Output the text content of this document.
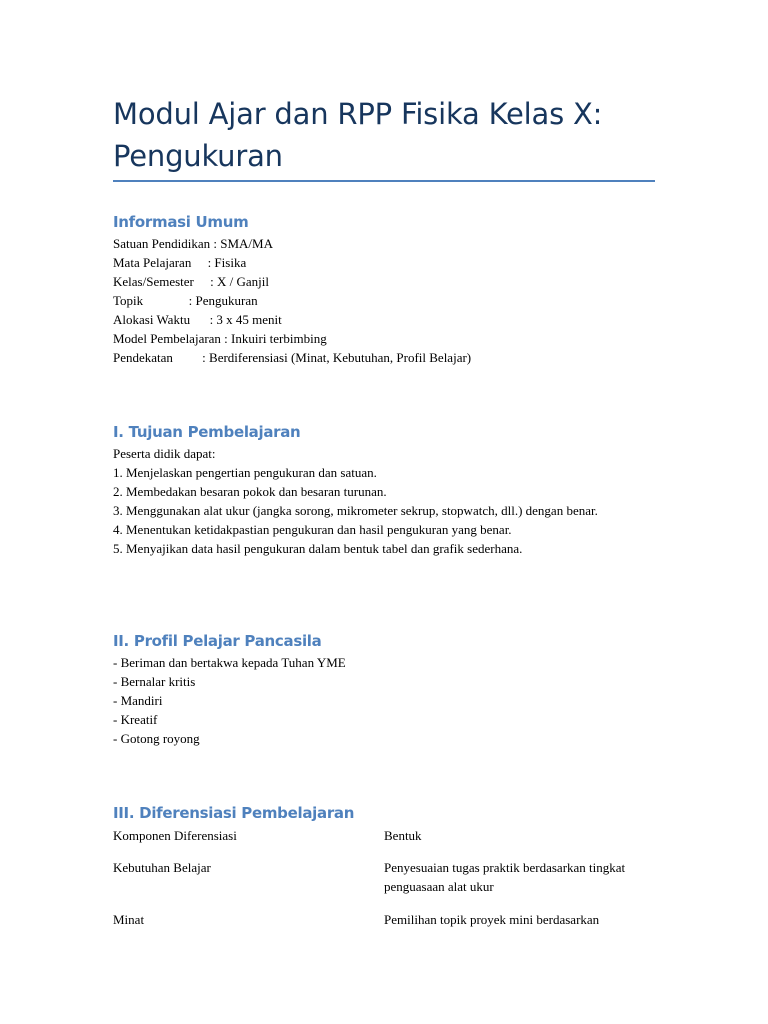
Modul Ajar dan RPP Fisika Kelas X: Pengukuran
Informasi Umum

Satuan Pendidikan : SMA/MA

Mata Pelajaran     : Fisika

Kelas/Semester     : X / Ganjil

Topik              : Pengukuran

Alokasi Waktu      : 3 x 45 menit

Model Pembelajaran : Inkuiri terbimbing

Pendekatan         : Berdiferensiasi (Minat, Kebutuhan, Profil Belajar)

I. Tujuan Pembelajaran

Peserta didik dapat:

1. Menjelaskan pengertian pengukuran dan satuan.

2. Membedakan besaran pokok dan besaran turunan.

3. Menggunakan alat ukur (jangka sorong, mikrometer sekrup, stopwatch, dll.) dengan benar.

4. Menentukan ketidakpastian pengukuran dan hasil pengukuran yang benar.

5. Menyajikan data hasil pengukuran dalam bentuk tabel dan grafik sederhana.

II. Profil Pelajar Pancasila

- Beriman dan bertakwa kepada Tuhan YME

- Bernalar kritis

- Mandiri

- Kreatif

- Gotong royong

III. Diferensiasi Pembelajaran
Komponen Diferensiasi	Bentuk
Kebutuhan Belajar	Penyesuaian tugas praktik berdasarkan tingkat penguasaan alat ukur
Minat	Pemilihan topik proyek mini berdasarkan
